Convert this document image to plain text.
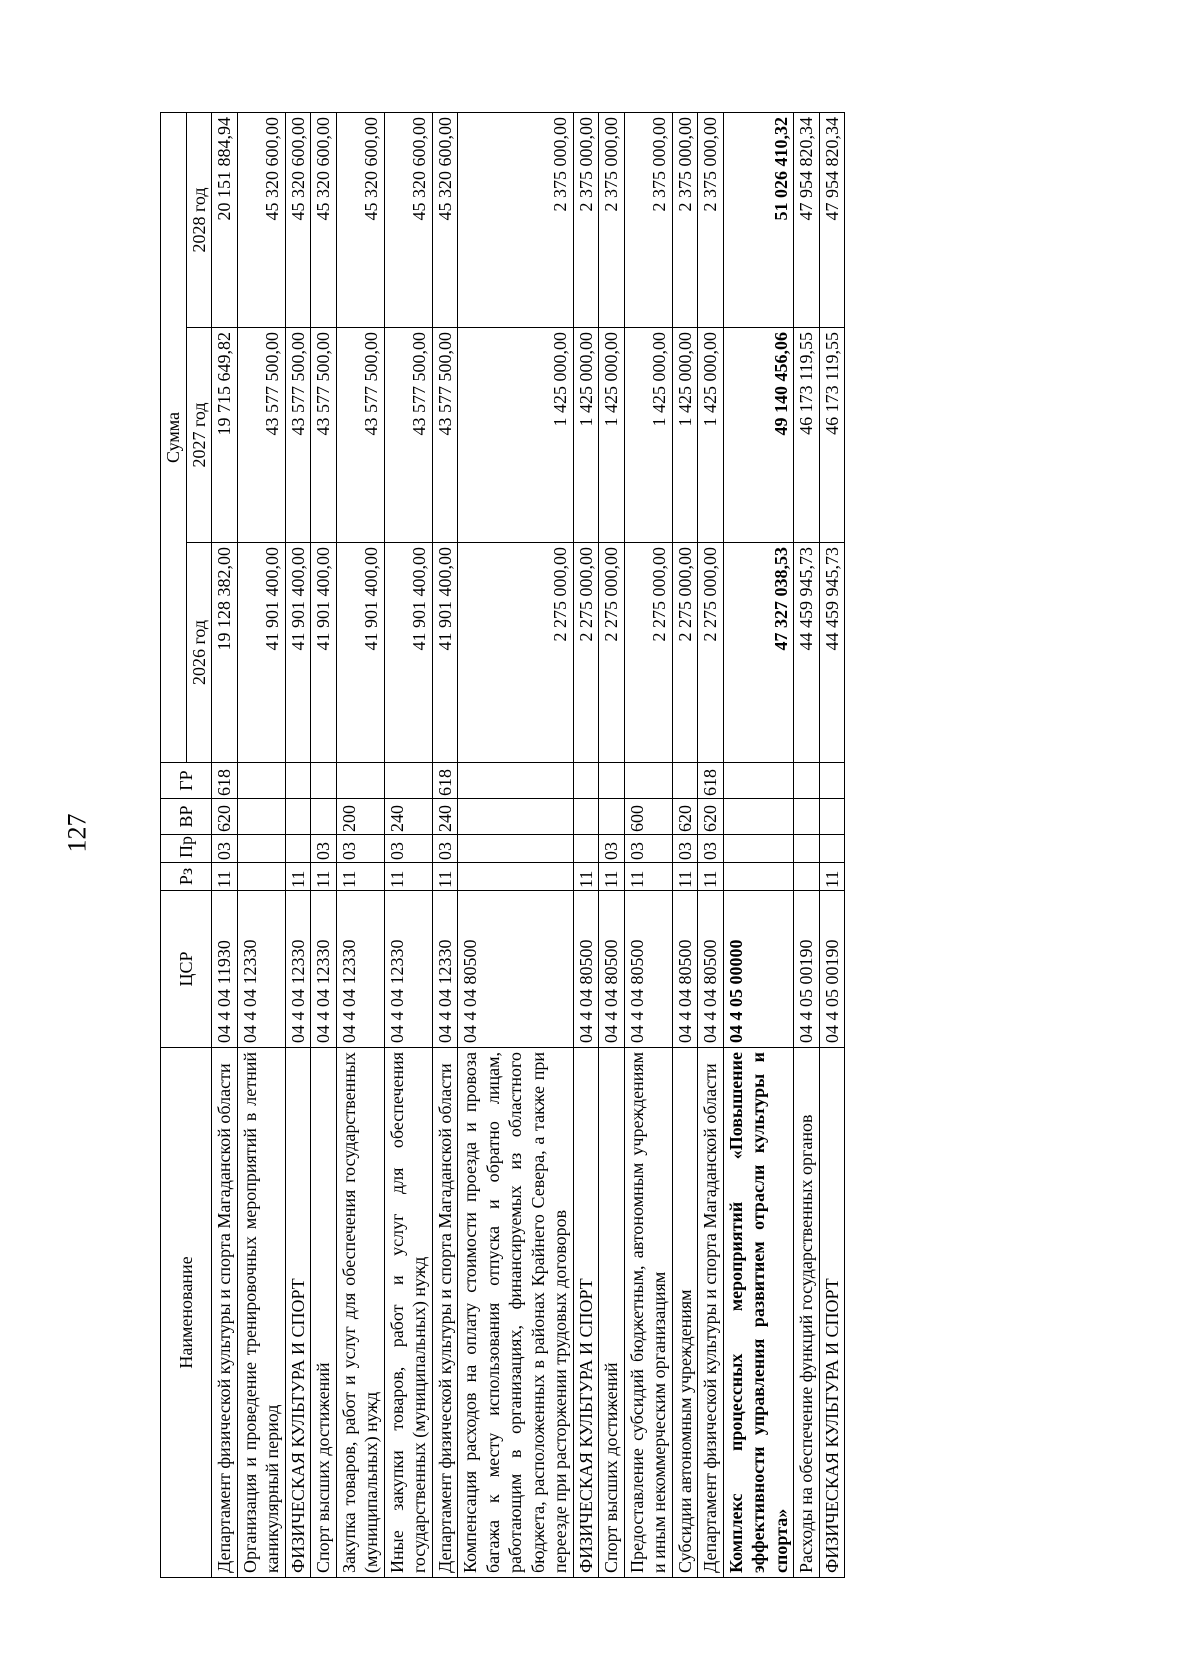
127
Наименование	ЦСР	Рз	Пр	ВР	ГР	Сумма		
						2026 год	2027 год	2028 год
Департамент физической культуры и спорта Магаданской области	04 4 04 11930	11	03	620	618	19 128 382,00	19 715 649,82	20 151 884,94
Организация и проведение тренировочных мероприятий в летний каникулярный период	04 4 04 12330					41 901 400,00	43 577 500,00	45 320 600,00
ФИЗИЧЕСКАЯ КУЛЬТУРА И СПОРТ	04 4 04 12330	11				41 901 400,00	43 577 500,00	45 320 600,00
Спорт высших достижений	04 4 04 12330	11	03			41 901 400,00	43 577 500,00	45 320 600,00
Закупка товаров, работ и услуг для обеспечения государственных (муниципальных) нужд	04 4 04 12330	11	03	200		41 901 400,00	43 577 500,00	45 320 600,00
Иные закупки товаров, работ и услуг для обеспечения государственных (муниципальных) нужд	04 4 04 12330	11	03	240		41 901 400,00	43 577 500,00	45 320 600,00
Департамент физической культуры и спорта Магаданской области	04 4 04 12330	11	03	240	618	41 901 400,00	43 577 500,00	45 320 600,00
Компенсация расходов на оплату стоимости проезда и провоза багажа к месту использования отпуска и обратно лицам, работающим в организациях, финансируемых из областного бюджета, расположенных в районах Крайнего Севера, а также при переезде при расторжении трудовых договоров	04 4 04 80500					2 275 000,00	1 425 000,00	2 375 000,00
ФИЗИЧЕСКАЯ КУЛЬТУРА И СПОРТ	04 4 04 80500	11				2 275 000,00	1 425 000,00	2 375 000,00
Спорт высших достижений	04 4 04 80500	11	03			2 275 000,00	1 425 000,00	2 375 000,00
Предоставление субсидий бюджетным, автономным учреждениям и иным некоммерческим организациям	04 4 04 80500	11	03	600		2 275 000,00	1 425 000,00	2 375 000,00
Субсидии автономным учреждениям	04 4 04 80500	11	03	620		2 275 000,00	1 425 000,00	2 375 000,00
Департамент физической культуры и спорта Магаданской области	04 4 04 80500	11	03	620	618	2 275 000,00	1 425 000,00	2 375 000,00
Комплекс процессных мероприятий «Повышение эффективности управления развитием отрасли культуры и спорта»	04 4 05 00000					47 327 038,53	49 140 456,06	51 026 410,32
Расходы на обеспечение функций государственных органов	04 4 05 00190					44 459 945,73	46 173 119,55	47 954 820,34
ФИЗИЧЕСКАЯ КУЛЬТУРА И СПОРТ	04 4 05 00190	11				44 459 945,73	46 173 119,55	47 954 820,34
